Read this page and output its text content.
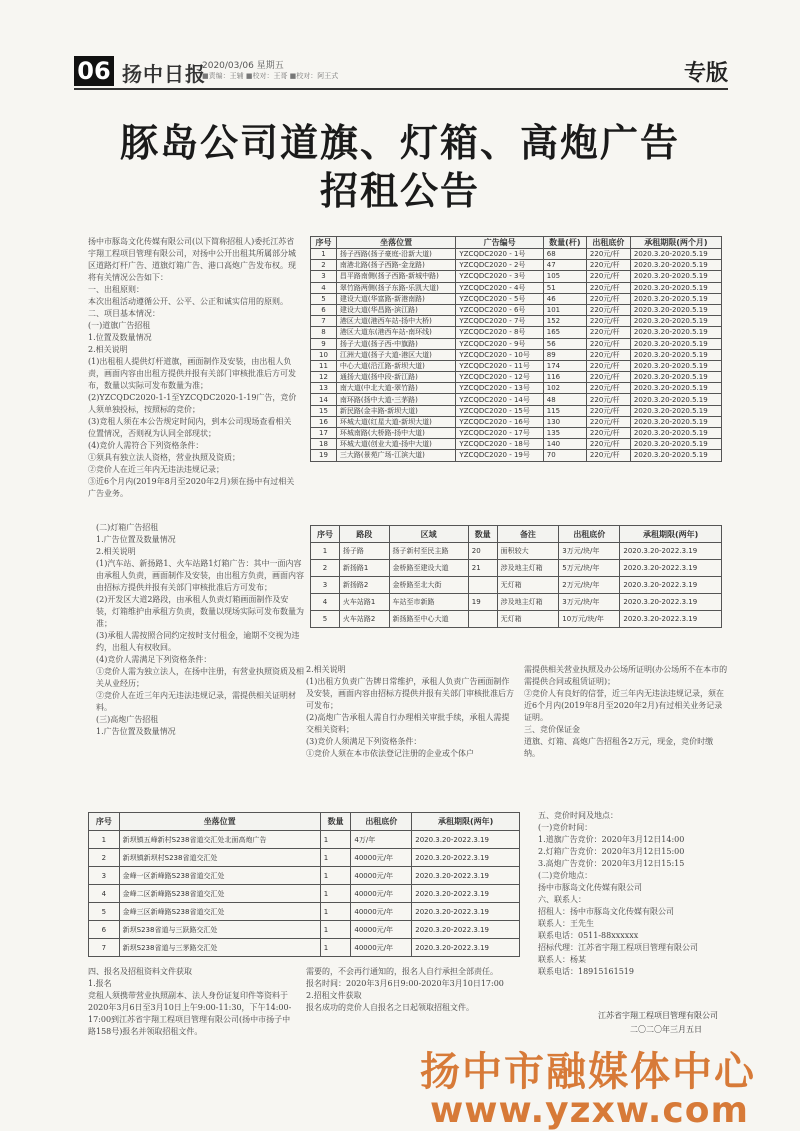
06 扬中日报
2020/03/06 星期五
■责编：王辅 ■校对：王哥 ■校对：阿王式	专版
豚岛公司道旗、灯箱、高炮广告
招租公告

扬中市豚岛文化传媒有限公司(以下简称招租人)委托江苏省宇翔工程项目管理有限公司，对扬中公开出租其所属部分城区道路灯杆广告、道旗灯箱广告、港口高炮广告发布权。现将有关情况公告如下：

一、出租原则：

本次出租活动遵循公开、公平、公正和诚实信用的原则。

二、项目基本情况：

(一)道旗广告招租

1.位置及数量情况

2.相关说明

(1)出租租人提供灯杆道旗，画面制作及安装，由出租人负责，画面内容由出租方提供并报有关部门审核批准后方可发布，数量以实际可发布数量为准；

(2)YZCQDC2020-1-1至YZCQDC2020-1-19广告，竞价人须单独投标，按照标的竞价；

(3)竞租人须在本公告规定时间内，到本公司现场查看相关位置情况，否则视为认同全部现状；

(4)竞价人需符合下列资格条件：

①须具有独立法人资格，营业执照及资质；

②竞价人在近三年内无违法违规记录；

③近6个月内(2019年8月至2020年2月)须在扬中有过相关广告业务。

序号	坐落位置	广告编号	数量(杆)	出租底价	承租期限(两个月)
1	扬子西路(扬子豪庭-沿新大道)	YZCQDC2020 - 1号	68	220元/杆	2020.3.20-2020.5.19
2	南港北路(扬子西路-金龙路)	YZCQDC2020 - 2号	47	220元/杆	2020.3.20-2020.5.19
3	昌平路南侧(扬子西路-新城中路)	YZCQDC2020 - 3号	105	220元/杆	2020.3.20-2020.5.19
4	翠竹路两侧(扬子东路-乐凯大道)	YZCQDC2020 - 4号	51	220元/杆	2020.3.20-2020.5.19
5	建设大道(华富路-新港南路)	YZCQDC2020 - 5号	46	220元/杆	2020.3.20-2020.5.19
6	建设大道(华昌路-滨江路)	YZCQDC2020 - 6号	101	220元/杆	2020.3.20-2020.5.19
7	港区大道(港西车站-扬中大桥)	YZCQDC2020 - 7号	152	220元/杆	2020.3.20-2020.5.19
8	港区大道东(港西车站-南环线)	YZCQDC2020 - 8号	165	220元/杆	2020.3.20-2020.5.19
9	扬子大道(扬子西-中旗路)	YZCQDC2020 - 9号	56	220元/杆	2020.3.20-2020.5.19
10	江洲大道(扬子大道-港区大道)	YZCQDC2020 - 10号	89	220元/杆	2020.3.20-2020.5.19
11	中心大道(沿江路-新坝大道)	YZCQDC2020 - 11号	174	220元/杆	2020.3.20-2020.5.19
12	通扬大道(扬中段-新江路)	YZCQDC2020 - 12号	116	220元/杆	2020.3.20-2020.5.19
13	南大道(中北大道-翠竹路)	YZCQDC2020 - 13号	102	220元/杆	2020.3.20-2020.5.19
14	南环路(扬中大道-三茅路)	YZCQDC2020 - 14号	48	220元/杆	2020.3.20-2020.5.19
15	新民路(金丰路-新坝大道)	YZCQDC2020 - 15号	115	220元/杆	2020.3.20-2020.5.19
16	环城大道(红星大道-新坝大道)	YZCQDC2020 - 16号	130	220元/杆	2020.3.20-2020.5.19
17	环城南路(大桥路-扬中大道)	YZCQDC2020 - 17号	135	220元/杆	2020.3.20-2020.5.19
18	环城大道(创业大道-扬中大道)	YZCQDC2020 - 18号	140	220元/杆	2020.3.20-2020.5.19
19	三大路(景苑广场-江滨大道)	YZCQDC2020 - 19号	70	220元/杆	2020.3.20-2020.5.19

(二)灯箱广告招租

1.广告位置及数量情况

2.相关说明

(1)汽车站、新扬路1、火车站路1灯箱广告：其中一面内容由承租人负责，画面制作及安装，由出租方负责，画面内容由招标方提供并报有关部门审核批准后方可发布；

(2)开发区大道2路段，由承租人负责灯箱画面制作及安装，灯箱维护由承租方负责，数量以现场实际可发布数量为准；

(3)承租人需按照合同约定按时支付租金，逾期不交视为违约，出租人有权收回。

(4)竞价人需满足下列资格条件：

①竞价人需为独立法人，在扬中注册，有营业执照资质及相关从业经历；

②竞价人在近三年内无违法违规记录，需提供相关证明材料。

(三)高炮广告招租

1.广告位置及数量情况

序号	路段	区域	数量	备注	出租底价	承租期限(两年)
1	扬子路	扬子新村至民主路	20	面积较大	3万元/块/年	2020.3.20-2022.3.19
2	新扬路1	金桥路至建设大道	21	涉及地主灯箱	5万元/块/年	2020.3.20-2022.3.19
3	新扬路2	金桥路至北大街		无灯箱	2万元/块/年	2020.3.20-2022.3.19
4	火车站路1	车站至市新路	19	涉及地主灯箱	3万元/块/年	2020.3.20-2022.3.19
5	火车站路2	新扬路至中心大道		无灯箱	10万元/块/年	2020.3.20-2022.3.19

2.相关说明

(1)出租方负责广告牌日常维护，承租人负责广告画面制作及安装，画面内容由招标方提供并报有关部门审核批准后方可发布；

(2)高炮广告承租人需自行办理相关审批手续，承租人需提交相关资料；

(3)竞价人须满足下列资格条件：

①竞价人须在本市依法登记注册的企业或个体户

需提供相关营业执照及办公场所证明(办公场所不在本市的需提供合同或租赁证明)；

②竞价人有良好的信誉，近三年内无违法违规记录，须在近6个月内(2019年8月至2020年2月)有过相关业务记录证明。

三、竞价保证金

道旗、灯箱、高炮广告招租各2万元，现金，竞价时缴纳。

序号	坐落位置	数量	出租底价	承租期限(两年)
1	新坝镇五峰新村S238省道交汇处北面高炮广告	1	4万/年	2020.3.20-2022.3.19
2	新坝镇新坝村S238省道交汇处	1	40000元/年	2020.3.20-2022.3.19
3	金峰一区新峰路S238省道交汇处	1	40000元/年	2020.3.20-2022.3.19
4	金峰二区新峰路S238省道交汇处	1	40000元/年	2020.3.20-2022.3.19
5	金峰三区新峰路S238省道交汇处	1	40000元/年	2020.3.20-2022.3.19
6	新坝S238省道与三跃路交汇处	1	40000元/年	2020.3.20-2022.3.19
7	新坝S238省道与三茅路交汇处	1	40000元/年	2020.3.20-2022.3.19

五、竞价时间及地点：

(一)竞价时间：

1.道旗广告竞价：2020年3月12日14:00

2.灯箱广告竞价：2020年3月12日15:00

3.高炮广告竞价：2020年3月12日15:15

(二)竞价地点：

扬中市豚岛文化传媒有限公司

六、联系人：

招租人：扬中市豚岛文化传媒有限公司

联系人：王先生

联系电话：0511-88xxxxxx

招标代理：江苏省宇翔工程项目管理有限公司

联系人：杨某

联系电话：18915161519

四、报名及招租资料文件获取

1.报名

竞租人须携带营业执照副本、法人身份证复印件等资料于2020年3月6日至3月10日上午9:00-11:30，下午14:00-17:00到江苏省宇翔工程项目管理有限公司(扬中市扬子中路158号)报名并领取招租文件。

需要的，不会再行通知的，报名人自行承担全部责任。

报名时间：2020年3月6日9:00-2020年3月10日17:00

2.招租文件获取

报名成功的竞价人自报名之日起领取招租文件。

江苏省宇翔工程项目管理有限公司
二〇二〇年三月五日
扬中市融媒体中心
www.yzxw.com
